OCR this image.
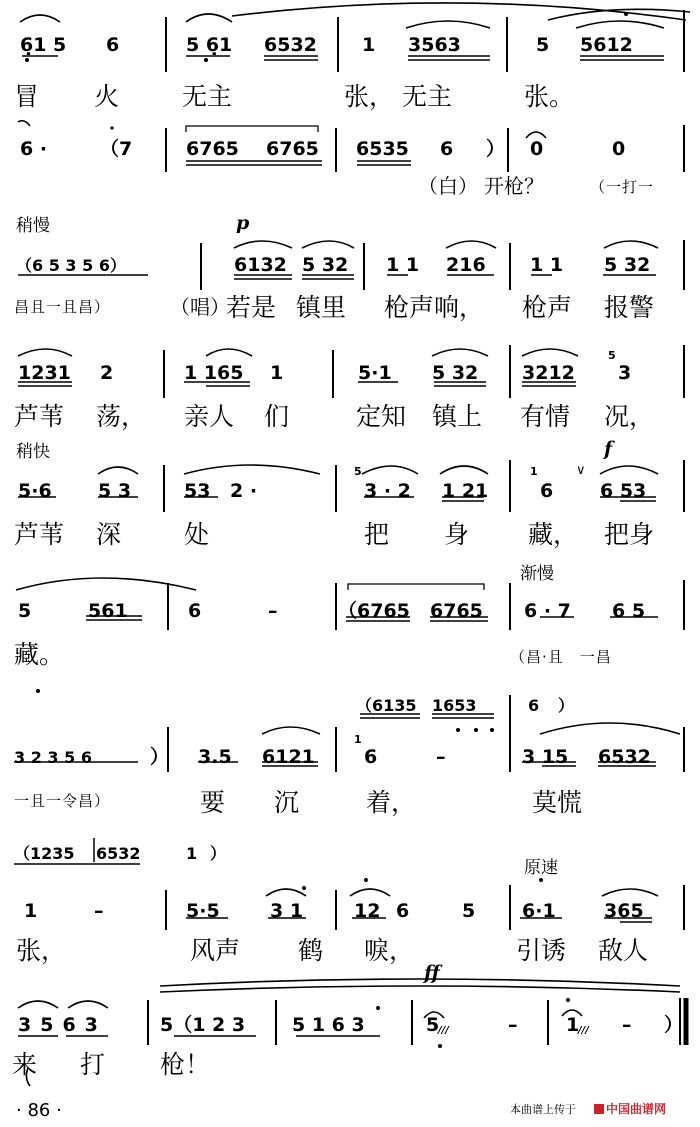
6̣1 5 6	5 6̣1 6532 1 3563	5 5612
冒 火	无主	张， 无主	张。
6 ·	（7	6765 6765 6535 6 ） 0	0
（白） 开枪？	（一打一
稍慢	p
（6 5 3 5 6）	6132 5 32 1 1 216 1 1 5 32
昌且一且昌）	（唱）
若是 镇里 枪声响， 枪声 报警
1231 2	1 165 1	5·1 5 32 3212
5
3
芦苇 荡， 亲人 们	定知 镇上 有情 况，
稍快	f
∨
5·6 5 3	53 2 ·
5
3 · 2 1 21
1
6 6 53
芦苇 深	处	把 身 藏， 把身
渐慢
5	561	6	–	（6765 6765 6 · 7 6 5
藏。	（昌·且　一昌
（6135 1653	6 ）
3 2 3 5 6	） 3.5 6121
1
6	–	3 15 6532
一且一令昌）	要 沉	着，	莫慌
（1235 6532	1 ）
原速
1	–	5·5	3 1	12 6	5 6·1	365
张，	风声 鹤 唳，	引诱 敌人
ff
3563	5（1 2 3 5 1 6 3	5
///	–	1
/// – ）
来 打 枪！
· 86 ·	本曲谱上传于	中国曲谱网
